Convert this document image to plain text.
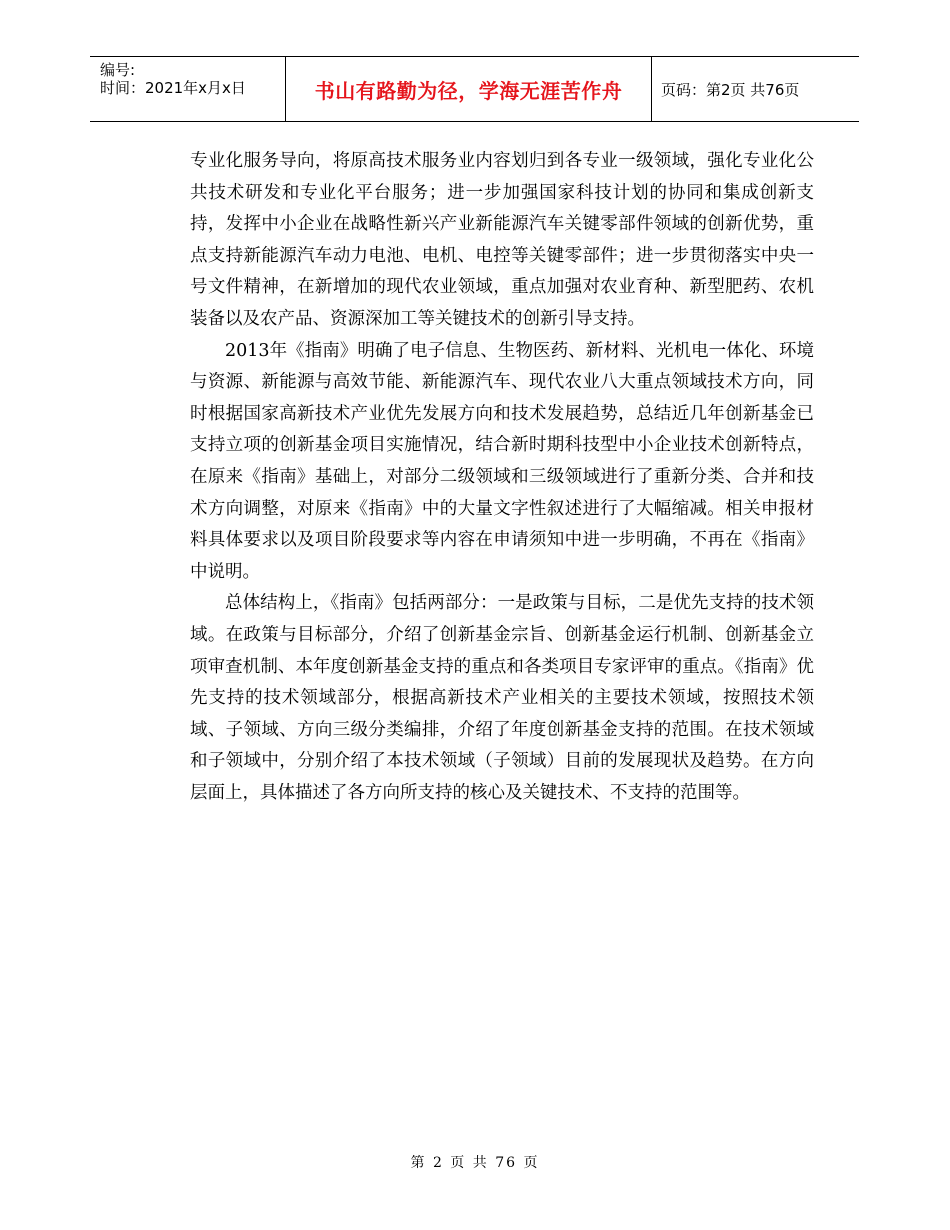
编号:
时间：2021年x月x日	书山有路勤为径，学海无涯苦作舟	页码：第2页 共76页

专业化服务导向，将原高技术服务业内容划归到各专业一级领域，强化专业化公共技术研发和专业化平台服务；进一步加强国家科技计划的协同和集成创新支持，发挥中小企业在战略性新兴产业新能源汽车关键零部件领域的创新优势，重点支持新能源汽车动力电池、电机、电控等关键零部件；进一步贯彻落实中央一号文件精神，在新增加的现代农业领域，重点加强对农业育种、新型肥药、农机装备以及农产品、资源深加工等关键技术的创新引导支持。

2013年《指南》明确了电子信息、生物医药、新材料、光机电一体化、环境与资源、新能源与高效节能、新能源汽车、现代农业八大重点领域技术方向，同时根据国家高新技术产业优先发展方向和技术发展趋势，总结近几年创新基金已支持立项的创新基金项目实施情况，结合新时期科技型中小企业技术创新特点，在原来《指南》基础上，对部分二级领域和三级领域进行了重新分类、合并和技术方向调整，对原来《指南》中的大量文字性叙述进行了大幅缩减。相关申报材料具体要求以及项目阶段要求等内容在申请须知中进一步明确，不再在《指南》中说明。

总体结构上，《指南》包括两部分：一是政策与目标，二是优先支持的技术领域。在政策与目标部分，介绍了创新基金宗旨、创新基金运行机制、创新基金立项审查机制、本年度创新基金支持的重点和各类项目专家评审的重点。《指南》优先支持的技术领域部分，根据高新技术产业相关的主要技术领域，按照技术领域、子领域、方向三级分类编排，介绍了年度创新基金支持的范围。在技术领域和子领域中，分别介绍了本技术领域（子领域）目前的发展现状及趋势。在方向层面上，具体描述了各方向所支持的核心及关键技术、不支持的范围等。

第 2 页 共 76 页
